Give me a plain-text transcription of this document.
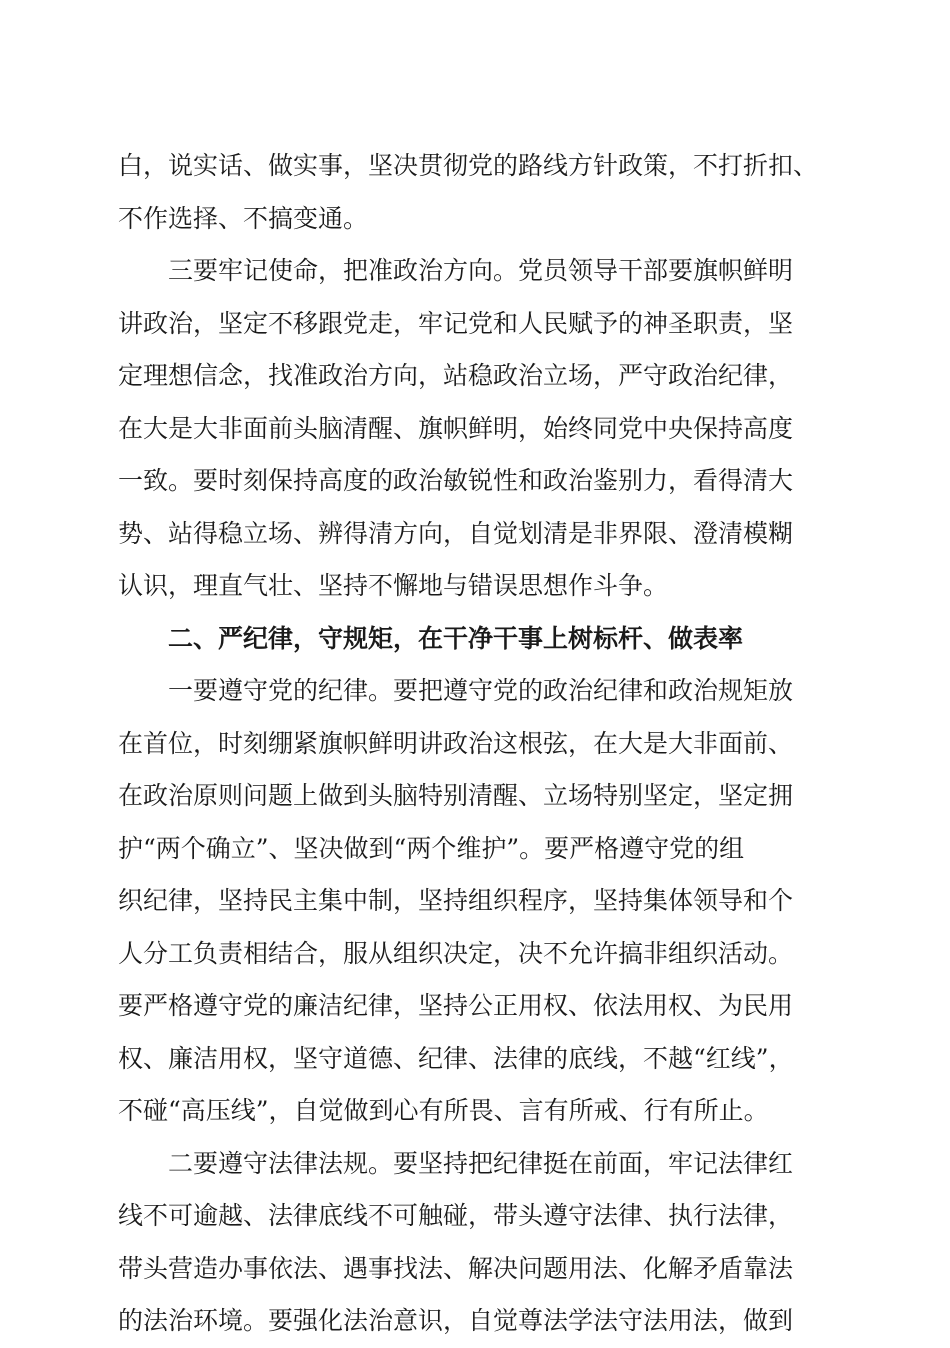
白，说实话、做实事，坚决贯彻党的路线方针政策，不打折扣、
不作选择、不搞变通。
三要牢记使命，把准政治方向。党员领导干部要旗帜鲜明
讲政治，坚定不移跟党走，牢记党和人民赋予的神圣职责，坚
定理想信念，找准政治方向，站稳政治立场，严守政治纪律，
在大是大非面前头脑清醒、旗帜鲜明，始终同党中央保持高度
一致。要时刻保持高度的政治敏锐性和政治鉴别力，看得清大
势、站得稳立场、辨得清方向，自觉划清是非界限、澄清模糊
认识，理直气壮、坚持不懈地与错误思想作斗争。
二、严纪律，守规矩，在干净干事上树标杆、做表率
一要遵守党的纪律。要把遵守党的政治纪律和政治规矩放
在首位，时刻绷紧旗帜鲜明讲政治这根弦，在大是大非面前、
在政治原则问题上做到头脑特别清醒、立场特别坚定，坚定拥
护“两个确立”、坚决做到“两个维护”。要严格遵守党的组
织纪律，坚持民主集中制，坚持组织程序，坚持集体领导和个
人分工负责相结合，服从组织决定，决不允许搞非组织活动。
要严格遵守党的廉洁纪律，坚持公正用权、依法用权、为民用
权、廉洁用权，坚守道德、纪律、法律的底线，不越“红线”，
不碰“高压线”，自觉做到心有所畏、言有所戒、行有所止。
二要遵守法律法规。要坚持把纪律挺在前面，牢记法律红
线不可逾越、法律底线不可触碰，带头遵守法律、执行法律，
带头营造办事依法、遇事找法、解决问题用法、化解矛盾靠法
的法治环境。要强化法治意识，自觉尊法学法守法用法，做到
